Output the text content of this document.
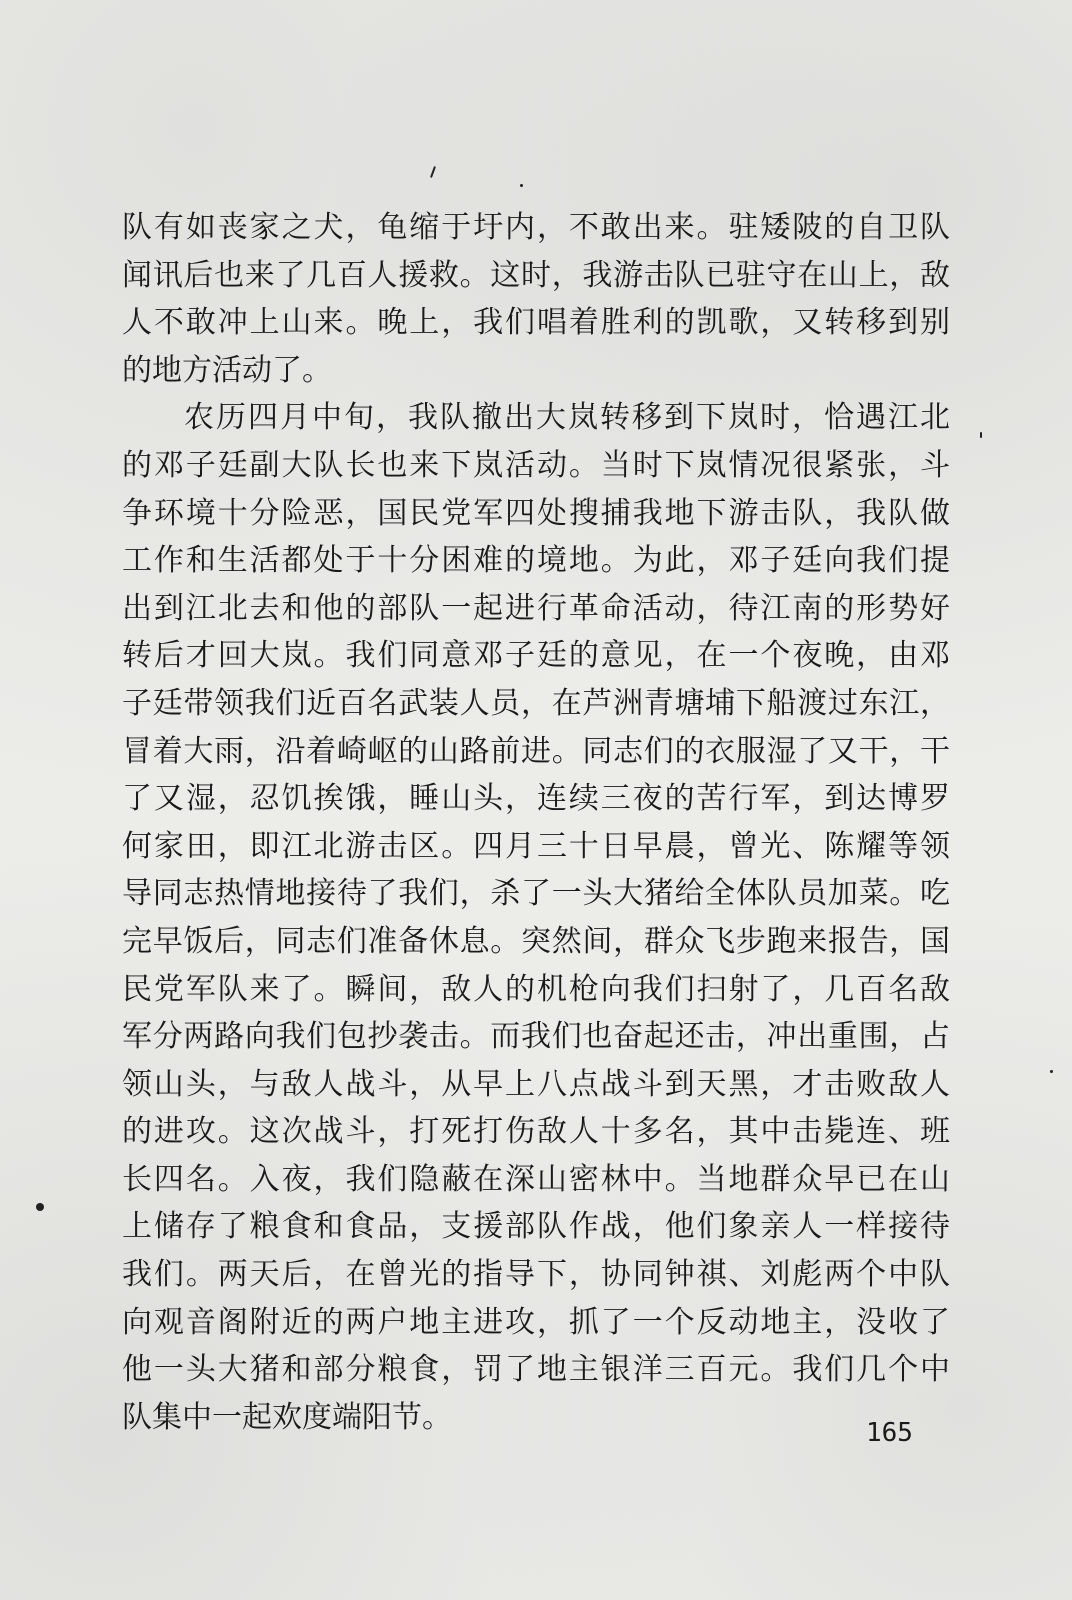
队有如丧家之犬，龟缩于圩内，不敢出来。驻矮陂的自卫队
闻讯后也来了几百人援救。这时，我游击队已驻守在山上，敌
人不敢冲上山来。晚上，我们唱着胜利的凯歌，又转移到别
的地方活动了。
农历四月中旬，我队撤出大岚转移到下岚时，恰遇江北
的邓子廷副大队长也来下岚活动。当时下岚情况很紧张，斗
争环境十分险恶，国民党军四处搜捕我地下游击队，我队做
工作和生活都处于十分困难的境地。为此，邓子廷向我们提
出到江北去和他的部队一起进行革命活动，待江南的形势好
转后才回大岚。我们同意邓子廷的意见，在一个夜晚，由邓
子廷带领我们近百名武装人员，在芦洲青塘埔下船渡过东江，
冒着大雨，沿着崎岖的山路前进。同志们的衣服湿了又干，干
了又湿，忍饥挨饿，睡山头，连续三夜的苦行军，到达博罗
何家田，即江北游击区。四月三十日早晨，曾光、陈耀等领
导同志热情地接待了我们，杀了一头大猪给全体队员加菜。吃
完早饭后，同志们准备休息。突然间，群众飞步跑来报告，国
民党军队来了。瞬间，敌人的机枪向我们扫射了，几百名敌
军分两路向我们包抄袭击。而我们也奋起还击，冲出重围，占
领山头，与敌人战斗，从早上八点战斗到天黑，才击败敌人
的进攻。这次战斗，打死打伤敌人十多名，其中击毙连、班
长四名。入夜，我们隐蔽在深山密林中。当地群众早已在山
上储存了粮食和食品，支援部队作战，他们象亲人一样接待
我们。两天后，在曾光的指导下，协同钟祺、刘彪两个中队
向观音阁附近的两户地主进攻，抓了一个反动地主，没收了
他一头大猪和部分粮食，罚了地主银洋三百元。我们几个中
队集中一起欢度端阳节。	165
